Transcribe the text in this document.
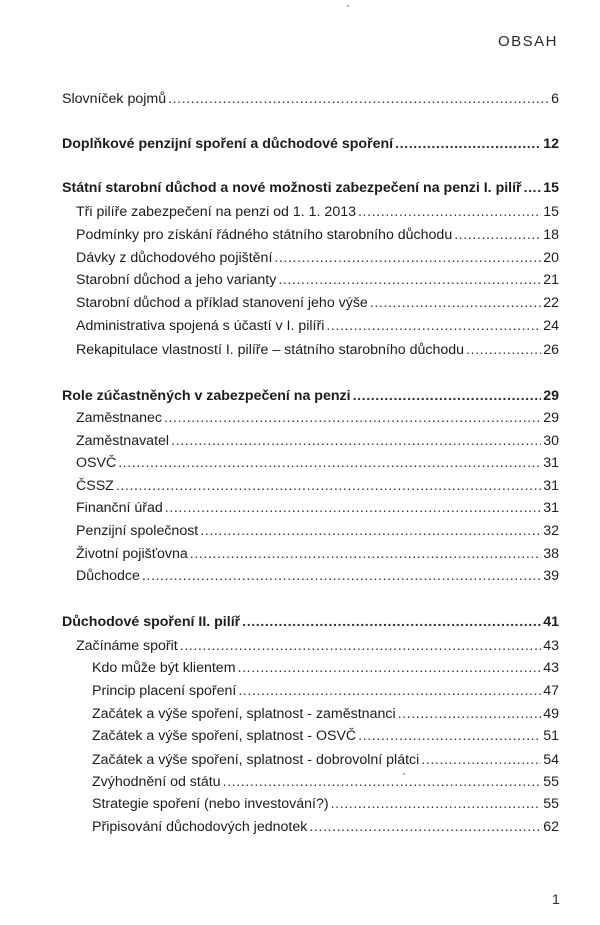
OBSAH
Slovníček pojmů .....	6
Doplňkové penzijní spoření a důchodové spoření .....	12
Státní starobní důchod a nové možnosti zabezpečení na penzi I. pilíř ..... 15
Tři pilíře zabezpečení na penzi od 1. 1. 2013 .....	15
Podmínky pro získání řádného státního starobního důchodu .....	18
Dávky z důchodového pojištění .....	20
Starobní důchod a jeho varianty .....	21
Starobní důchod a příklad stanovení jeho výše .....	22
Administrativa spojená s účastí v I. pilíři .....	24
Rekapitulace vlastností I. pilíře – státního starobního důchodu .....	26
Role zúčastněných v zabezpečení na penzi .....	29
Zaměstnanec .....	29
Zaměstnavatel .....	30
OSVČ .....	31
ČSSZ .....	31
Finanční úřad .....	31
Penzijní společnost .....	32
Životní pojišťovna .....	38
Důchodce .....	39
Důchodové spoření II. pilíř .....	41
Začínáme spořit .....	43
Kdo může být klientem .....	43
Princip placení spoření .....	47
Začátek a výše spoření, splatnost - zaměstnanci .....	49
Začátek a výše spoření, splatnost - OSVČ .....	51
Začátek a výše spoření, splatnost - dobrovolní plátci .....	54
Zvýhodnění od státu .....	55
Strategie spoření (nebo investování?) .....	55
Připisování důchodových jednotek .....	62
1
